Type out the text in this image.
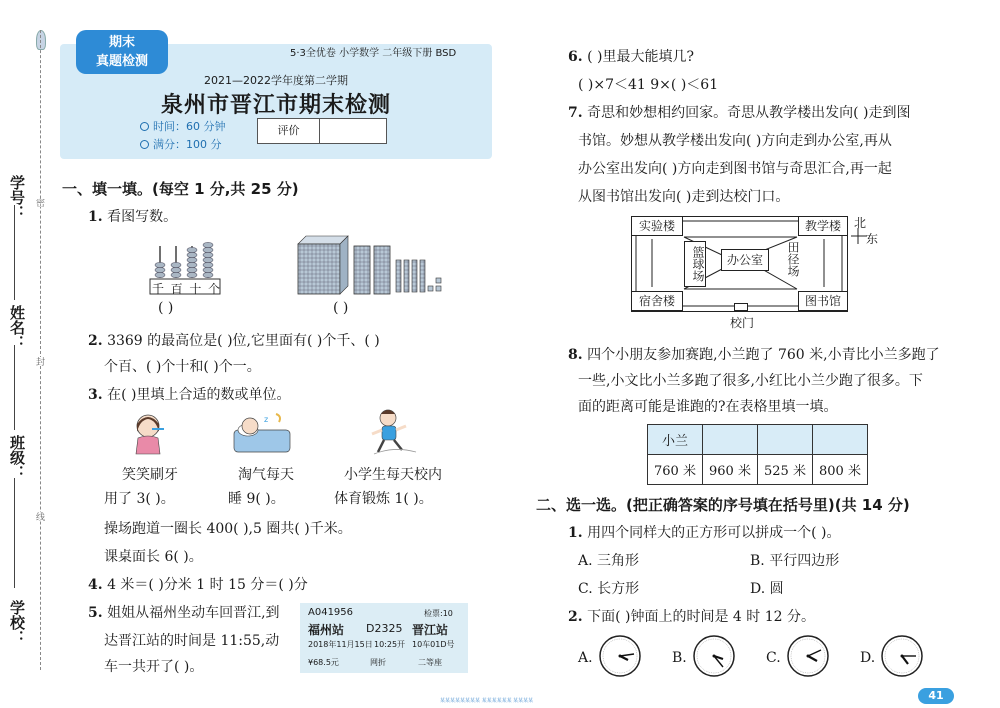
学号：
姓名：
班级：
学校：
密
封
线
期末
真题检测
5·3全优卷 小学数学 二年级下册 BSD
2021—2022学年度第二学期
泉州市晋江市期末检测
时间：60 分钟
满分：100 分
评价
一、填一填。(每空 1 分,共 25 分)
1. 看图写数。
千 百 十 个
( )	( )
2. 3369 的最高位是( )位,它里面有( )个千、( )
个百、( )个十和( )个一。
3. 在( )里填上合适的数或单位。
z
笑笑刷牙
用了 3( )。
淘气每天
睡 9( )。
小学生每天校内
体育锻炼 1( )。
操场跑道一圈长 400( ),5 圈共( )千米。
课桌面长 6( )。
4. 4 米＝( )分米 1 时 15 分＝( )分
5. 姐姐从福州坐动车回晋江,到
达晋江站的时间是 11:55,动
车一共开了( )。
A041956	检票:10
福州站 D2325 晋江站
2018年11月15日 10:25开 10车01D号
¥68.5元	网折	二等座
6. ( )里最大能填几?
( )×7＜41 9×( )＜61
7. 奇思和妙想相约回家。奇思从教学楼出发向( )走到图
书馆。妙想从教学楼出发向( )方向走到办公室,再从
办公室出发向( )方向走到图书馆与奇思汇合,再一起
从图书馆出发向( )走到达校门口。
实验楼	教学楼
篮球场	办公室	田径场
宿舍楼	图书馆
校门
北
东
8. 四个小朋友参加赛跑,小兰跑了 760 米,小青比小兰多跑了
一些,小文比小兰多跑了很多,小红比小兰少跑了很多。下
面的距离可能是谁跑的?在表格里填一填。
小兰			
760 米	960 米	525 米	800 米
二、选一选。(把正确答案的序号填在括号里)(共 14 分)
1. 用四个同样大的正方形可以拼成一个( )。
A. 三角形	B. 平行四边形
C. 长方形	D. 圆
2. 下面( )钟面上的时间是 4 时 12 分。
A.	B.	C.	D.
某某某某某某某某 某某某某某某 某某某某	41
